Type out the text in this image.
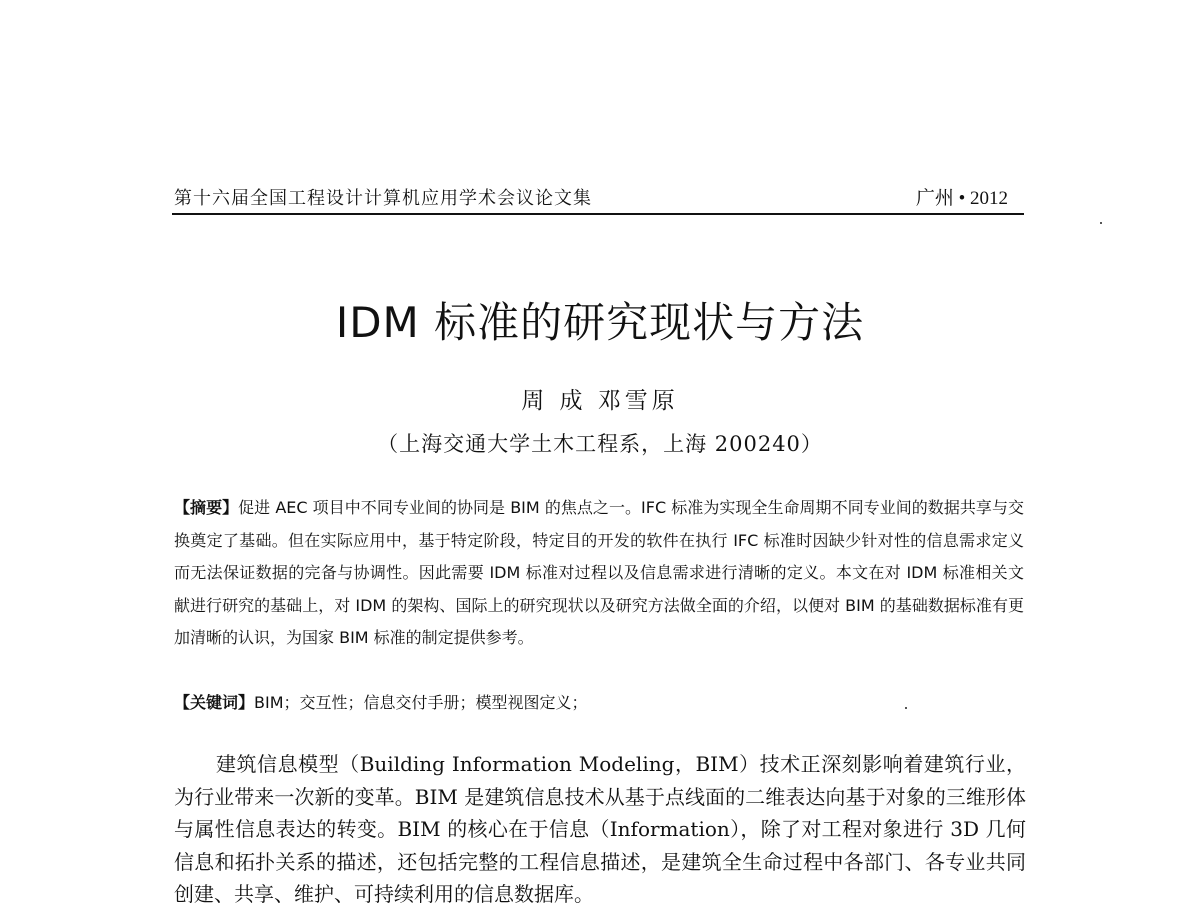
第十六届全国工程设计计算机应用学术会议论文集	广州 • 2012
IDM 标准的研究现状与方法
周 成 邓雪原
（上海交通大学土木工程系，上海 200240）
【摘要】促进 AEC 项目中不同专业间的协同是 BIM 的焦点之一。IFC 标准为实现全生命周期不同专业间的数据共享与交换奠定了基础。但在实际应用中，基于特定阶段，特定目的开发的软件在执行 IFC 标准时因缺少针对性的信息需求定义而无法保证数据的完备与协调性。因此需要 IDM 标准对过程以及信息需求进行清晰的定义。本文在对 IDM 标准相关文献进行研究的基础上，对 IDM 的架构、国际上的研究现状以及研究方法做全面的介绍，以便对 BIM 的基础数据标准有更加清晰的认识，为国家 BIM 标准的制定提供参考。
【关键词】BIM；交互性；信息交付手册；模型视图定义；
建筑信息模型（Building Information Modeling，BIM）技术正深刻影响着建筑行业，为行业带来一次新的变革。BIM 是建筑信息技术从基于点线面的二维表达向基于对象的三维形体与属性信息表达的转变。BIM 的核心在于信息（Information），除了对工程对象进行 3D 几何信息和拓扑关系的描述，还包括完整的工程信息描述，是建筑全生命过程中各部门、各专业共同创建、共享、维护、可持续利用的信息数据库。
